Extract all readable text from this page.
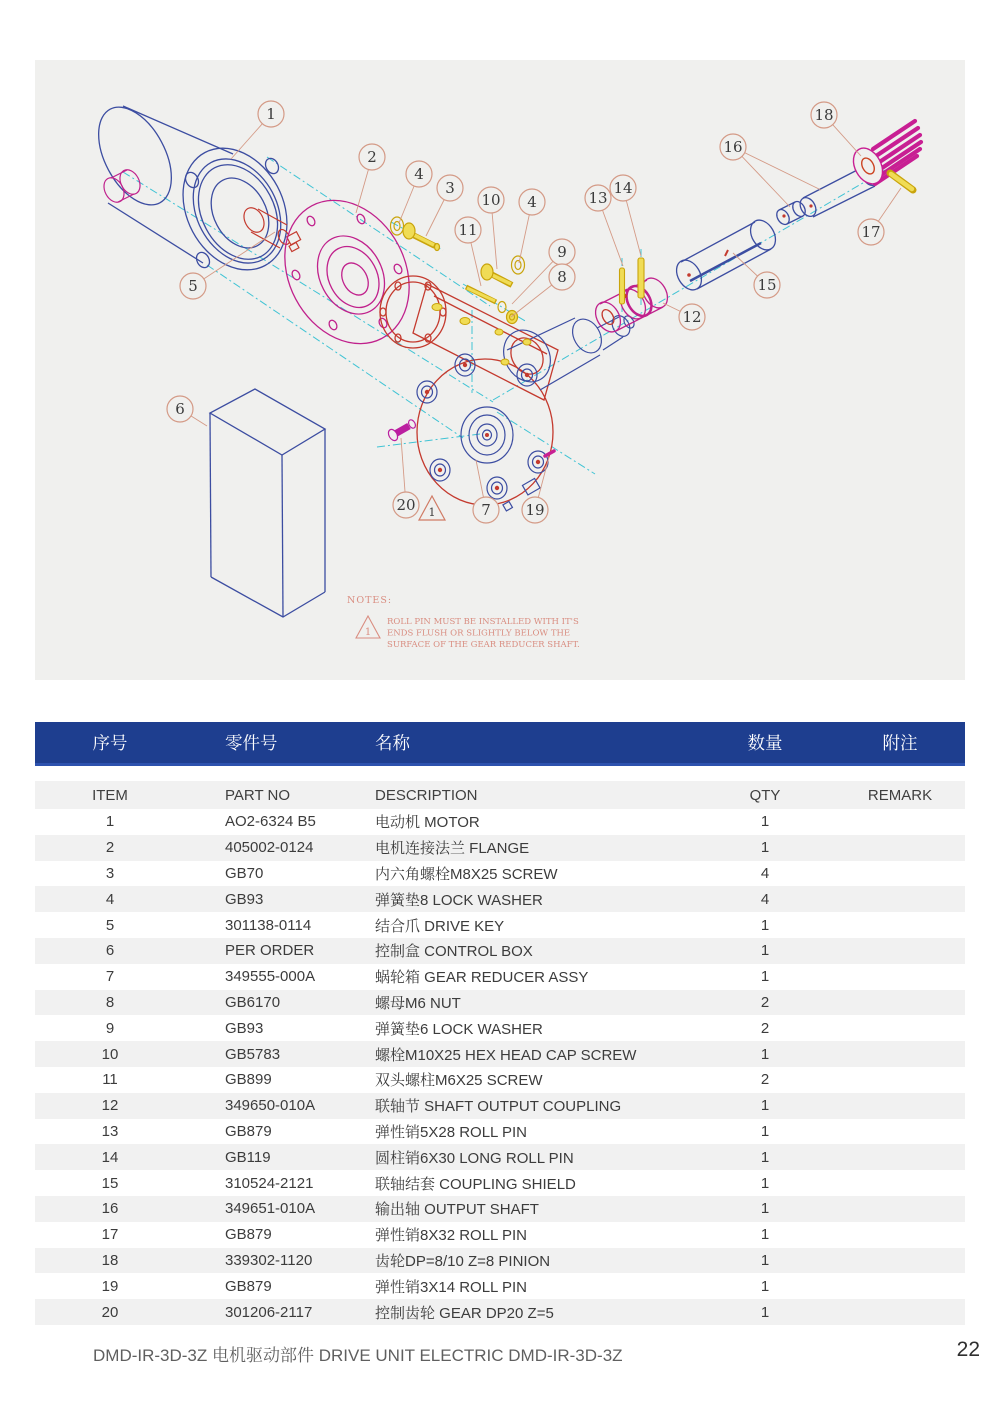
1
NOTES:
1
ROLL PIN MUST BE INSTALLED WITH IT'S
ENDS FLUSH OR SLIGHTLY BELOW THE
SURFACE OF THE GEAR REDUCER SHAFT.
1
2
4
3
10 4
11
9
8
13
14
16
18
17
15
12
5
6
20	7 19
序号	零件号	名称	数量	附注
ITEM	PART NO	DESCRIPTION	QTY	REMARK
1	AO2-6324 B5	电动机 MOTOR	1
2	405002-0124	电机连接法兰 FLANGE	1
3	GB70	内六角螺栓M8X25 SCREW	4
4	GB93	弹簧垫8 LOCK WASHER	4
5	301138-0114	结合爪 DRIVE KEY	1
6	PER ORDER	控制盒 CONTROL BOX	1
7	349555-000A	蜗轮箱 GEAR REDUCER ASSY	1
8	GB6170	螺母M6 NUT	2
9	GB93	弹簧垫6 LOCK WASHER	2
10	GB5783	螺栓M10X25 HEX HEAD CAP SCREW	1
11	GB899	双头螺柱M6X25 SCREW	2
12	349650-010A	联轴节 SHAFT OUTPUT COUPLING	1
13	GB879	弹性销5X28 ROLL PIN	1
14	GB119	圆柱销6X30 LONG ROLL PIN	1
15	310524-2121	联轴结套 COUPLING SHIELD	1
16	349651-010A	输出轴 OUTPUT SHAFT	1
17	GB879	弹性销8X32 ROLL PIN	1
18	339302-1120	齿轮DP=8/10 Z=8 PINION	1
19	GB879	弹性销3X14 ROLL PIN	1
20	301206-2117	控制齿轮 GEAR DP20 Z=5	1
DMD-IR-3D-3Z 电机驱动部件 DRIVE UNIT ELECTRIC DMD-IR-3D-3Z	22
